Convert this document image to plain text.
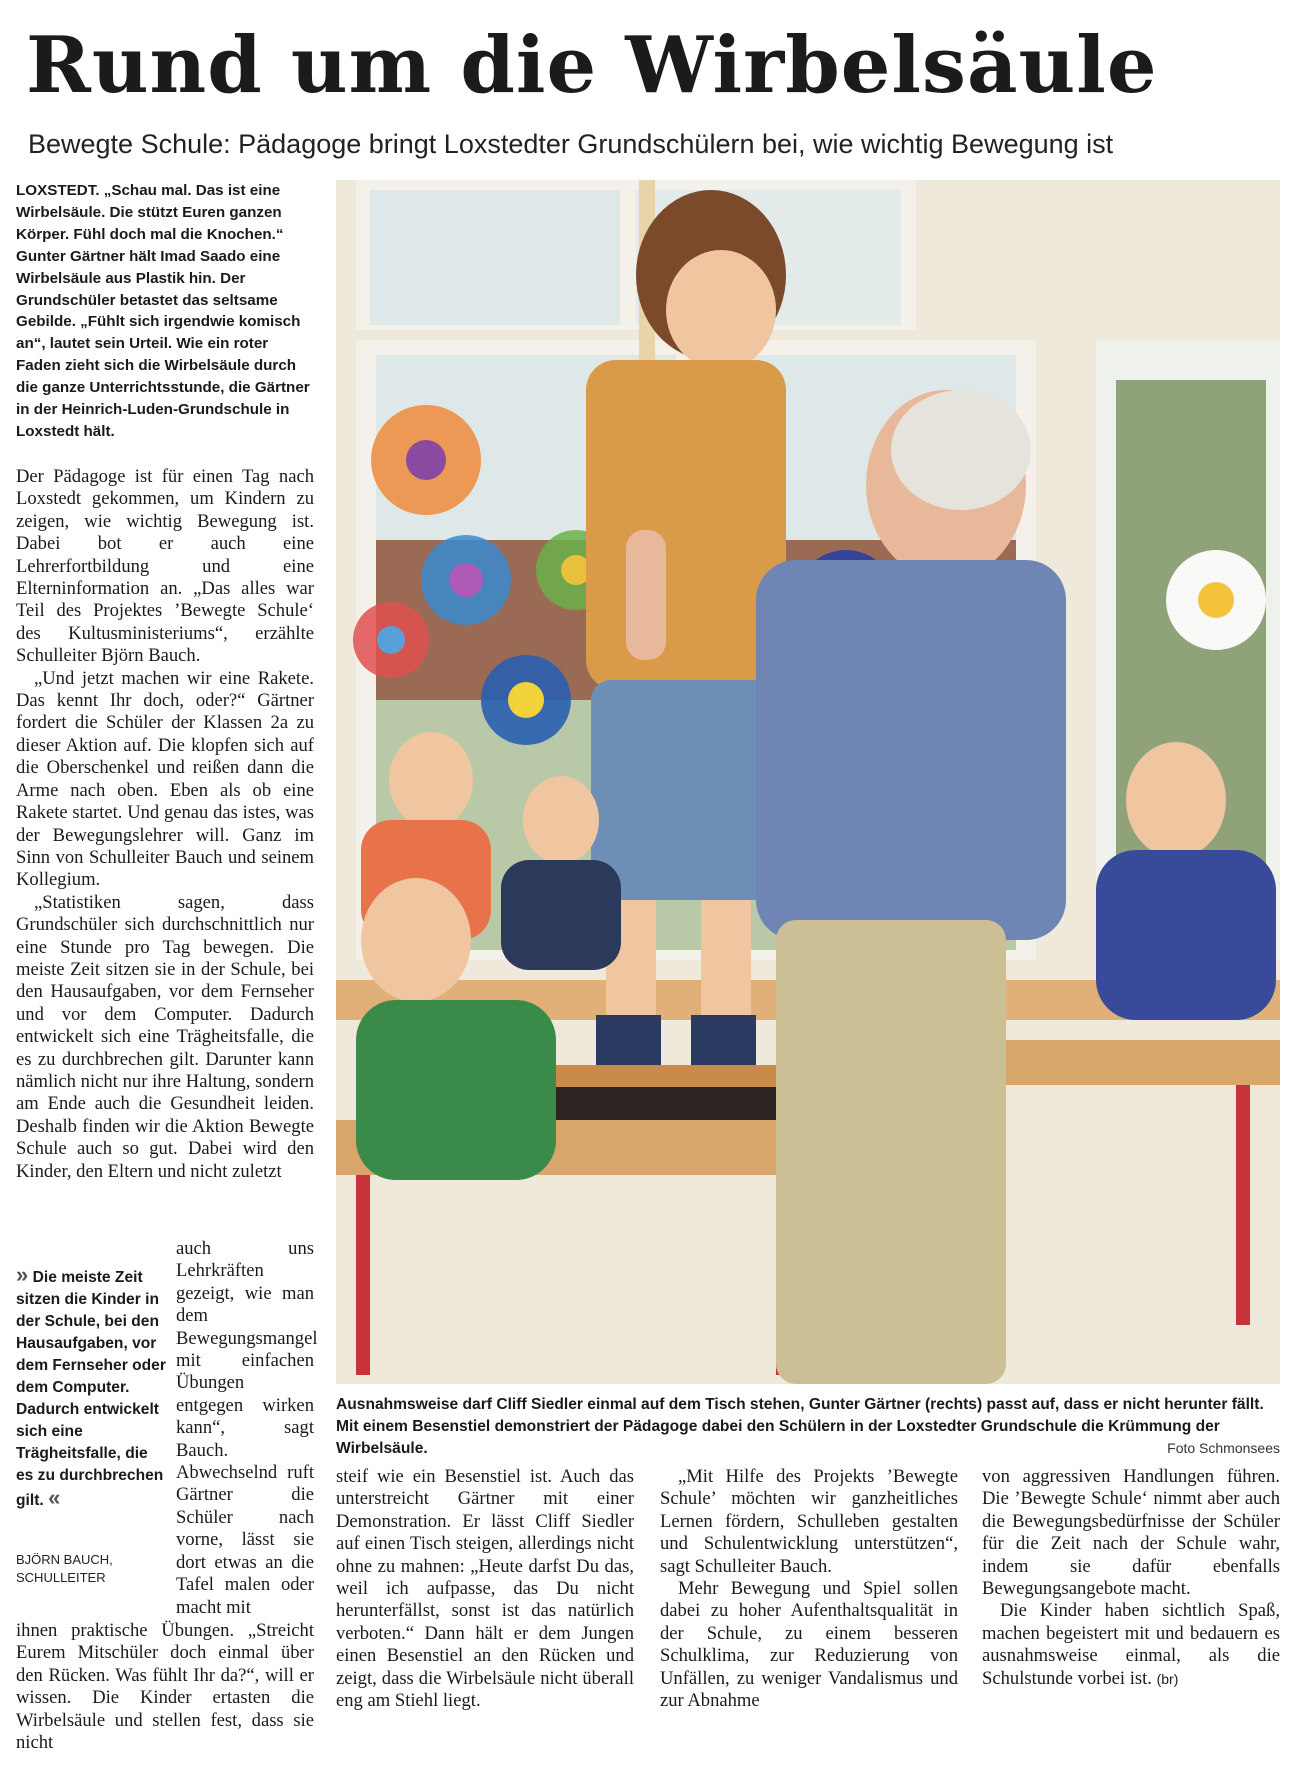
Rund um die Wirbelsäule
Bewegte Schule: Pädagoge bringt Loxstedter Grundschülern bei, wie wichtig Bewegung ist
LOXSTEDT. „Schau mal. Das ist eine Wirbelsäule. Die stützt Euren ganzen Körper. Fühl doch mal die Knochen.“ Gunter Gärtner hält Imad Saado eine Wirbelsäule aus Plastik hin. Der Grundschüler betastet das seltsame Gebilde. „Fühlt sich irgendwie komisch an“, lautet sein Urteil. Wie ein roter Faden zieht sich die Wirbelsäule durch die ganze Unterrichtsstunde, die Gärtner in der Heinrich-Luden-Grundschule in Loxstedt hält.

Der Pädagoge ist für einen Tag nach Loxstedt gekommen, um Kindern zu zeigen, wie wichtig Bewegung ist. Dabei bot er auch eine Lehrerfortbildung und eine Elterninformation an. „Das alles war Teil des Projektes ’Bewegte Schule‘ des Kultusministeriums“, erzählte Schulleiter Björn Bauch.

„Und jetzt machen wir eine Rakete. Das kennt Ihr doch, oder?“ Gärtner fordert die Schüler der Klassen 2a zu dieser Aktion auf. Die klopfen sich auf die Oberschenkel und reißen dann die Arme nach oben. Eben als ob eine Rakete startet. Und genau das istes, was der Bewegungslehrer will. Ganz im Sinn von Schulleiter Bauch und seinem Kollegium.

„Statistiken sagen, dass Grundschüler sich durchschnittlich nur eine Stunde pro Tag bewegen. Die meiste Zeit sitzen sie in der Schule, bei den Hausaufgaben, vor dem Fernseher und vor dem Computer. Dadurch entwickelt sich eine Trägheitsfalle, die es zu durchbrechen gilt. Darunter kann nämlich nicht nur ihre Haltung, sondern am Ende auch die Gesundheit leiden. Deshalb finden wir die Aktion Bewegte Schule auch so gut. Dabei wird den Kinder, den Eltern und nicht zuletzt

» Die meiste Zeit sitzen die Kinder in der Schule, bei den Hausaufgaben, vor dem Fernseher oder dem Computer. Dadurch entwickelt sich eine Trägheitsfalle, die es zu durchbrechen gilt. «
BJÖRN BAUCH, SCHULLEITER

auch uns Lehrkräften gezeigt, wie man dem Bewegungsmangel mit einfachen Übungen entgegen wirken kann“, sagt Bauch. Abwechselnd ruft Gärtner die Schüler nach vorne, lässt sie dort etwas an die Tafel malen oder macht mit

ihnen praktische Übungen. „Streicht Eurem Mitschüler doch einmal über den Rücken. Was fühlt Ihr da?“, will er wissen. Die Kinder ertasten die Wirbelsäule und stellen fest, dass sie nicht

Ausnahmsweise darf Cliff Siedler einmal auf dem Tisch stehen, Gunter Gärtner (rechts) passt auf, dass er nicht herunter fällt. Mit einem Besenstiel demonstriert der Pädagoge dabei den Schülern in der Loxstedter Grundschule die Krümmung der Wirbelsäule.	Foto Schmonsees

steif wie ein Besenstiel ist. Auch das unterstreicht Gärtner mit einer Demonstration. Er lässt Cliff Siedler auf einen Tisch steigen, allerdings nicht ohne zu mahnen: „Heute darfst Du das, weil ich aufpasse, das Du nicht herunterfällst, sonst ist das natürlich verboten.“ Dann hält er dem Jungen einen Besenstiel an den Rücken und zeigt, dass die Wirbelsäule nicht überall eng am Stiehl liegt.

„Mit Hilfe des Projekts ’Bewegte Schule’ möchten wir ganzheitliches Lernen fördern, Schulleben gestalten und Schulentwicklung unterstützen“, sagt Schulleiter Bauch.

Mehr Bewegung und Spiel sollen dabei zu hoher Aufenthaltsqualität in der Schule, zu einem besseren Schulklima, zur Reduzierung von Unfällen, zu weniger Vandalismus und zur Abnahme

von aggressiven Handlungen führen. Die ’Bewegte Schule‘ nimmt aber auch die Bewegungsbedürfnisse der Schüler für die Zeit nach der Schule wahr, indem sie dafür ebenfalls Bewegungsangebote macht.

Die Kinder haben sichtlich Spaß, machen begeistert mit und bedauern es ausnahmsweise einmal, als die Schulstunde vorbei ist. (br)
